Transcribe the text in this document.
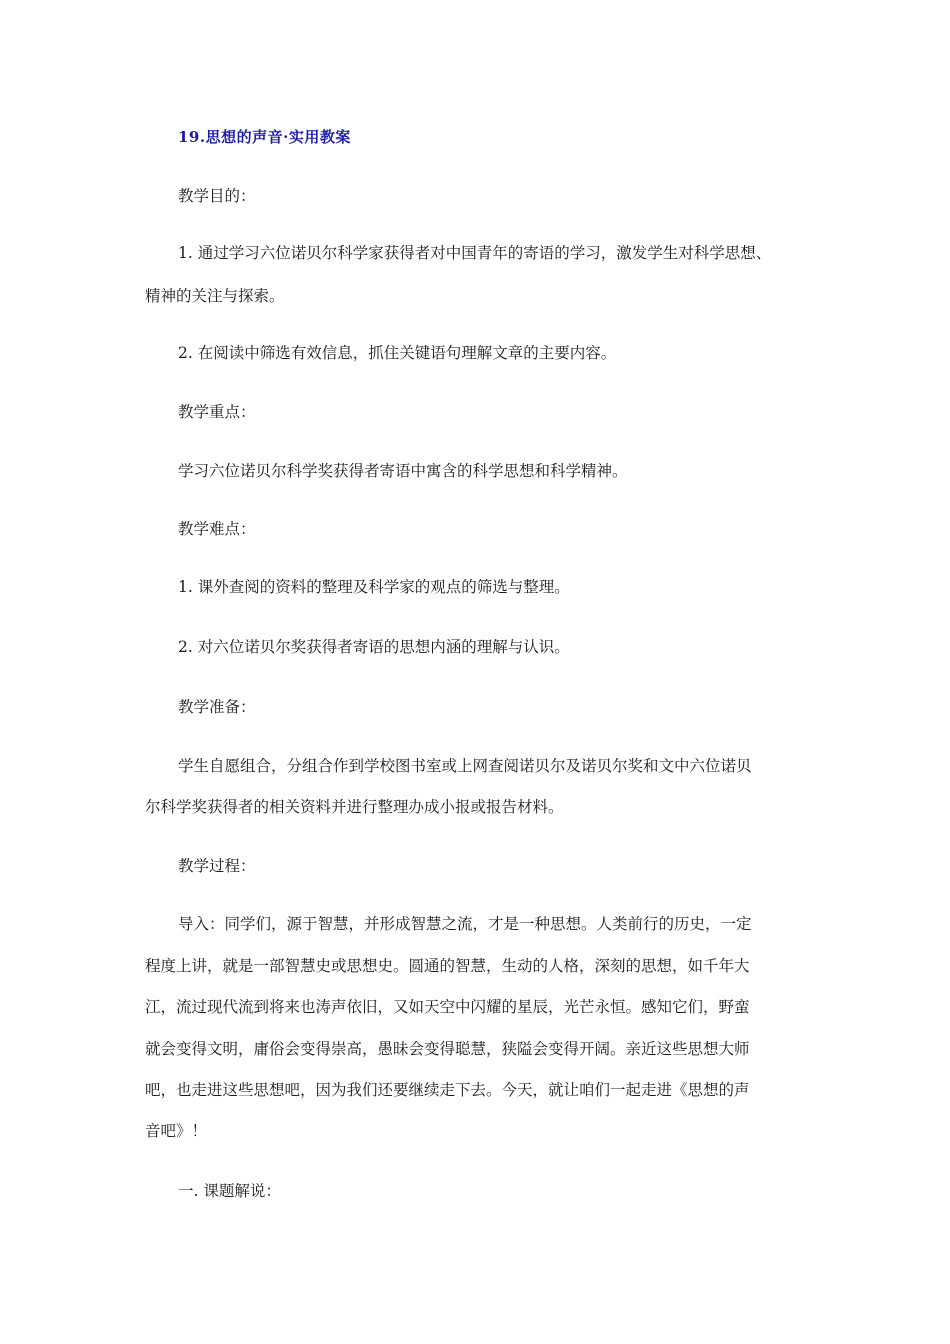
19.思想的声音·实用教案
教学目的：
1. 通过学习六位诺贝尔科学家获得者对中国青年的寄语的学习，激发学生对科学思想、
精神的关注与探索。
2. 在阅读中筛选有效信息，抓住关键语句理解文章的主要内容。
教学重点：
学习六位诺贝尔科学奖获得者寄语中寓含的科学思想和科学精神。
教学难点：
1. 课外查阅的资料的整理及科学家的观点的筛选与整理。
2. 对六位诺贝尔奖获得者寄语的思想内涵的理解与认识。
教学准备：
学生自愿组合，分组合作到学校图书室或上网查阅诺贝尔及诺贝尔奖和文中六位诺贝
尔科学奖获得者的相关资料并进行整理办成小报或报告材料。
教学过程：
导入：同学们，源于智慧，并形成智慧之流，才是一种思想。人类前行的历史，一定
程度上讲，就是一部智慧史或思想史。圆通的智慧，生动的人格，深刻的思想，如千年大
江，流过现代流到将来也涛声依旧，又如天空中闪耀的星辰，光芒永恒。感知它们，野蛮
就会变得文明，庸俗会变得崇高，愚昧会变得聪慧，狭隘会变得开阔。亲近这些思想大师
吧，也走进这些思想吧，因为我们还要继续走下去。今天，就让咱们一起走进《思想的声
音吧》！
一. 课题解说：
